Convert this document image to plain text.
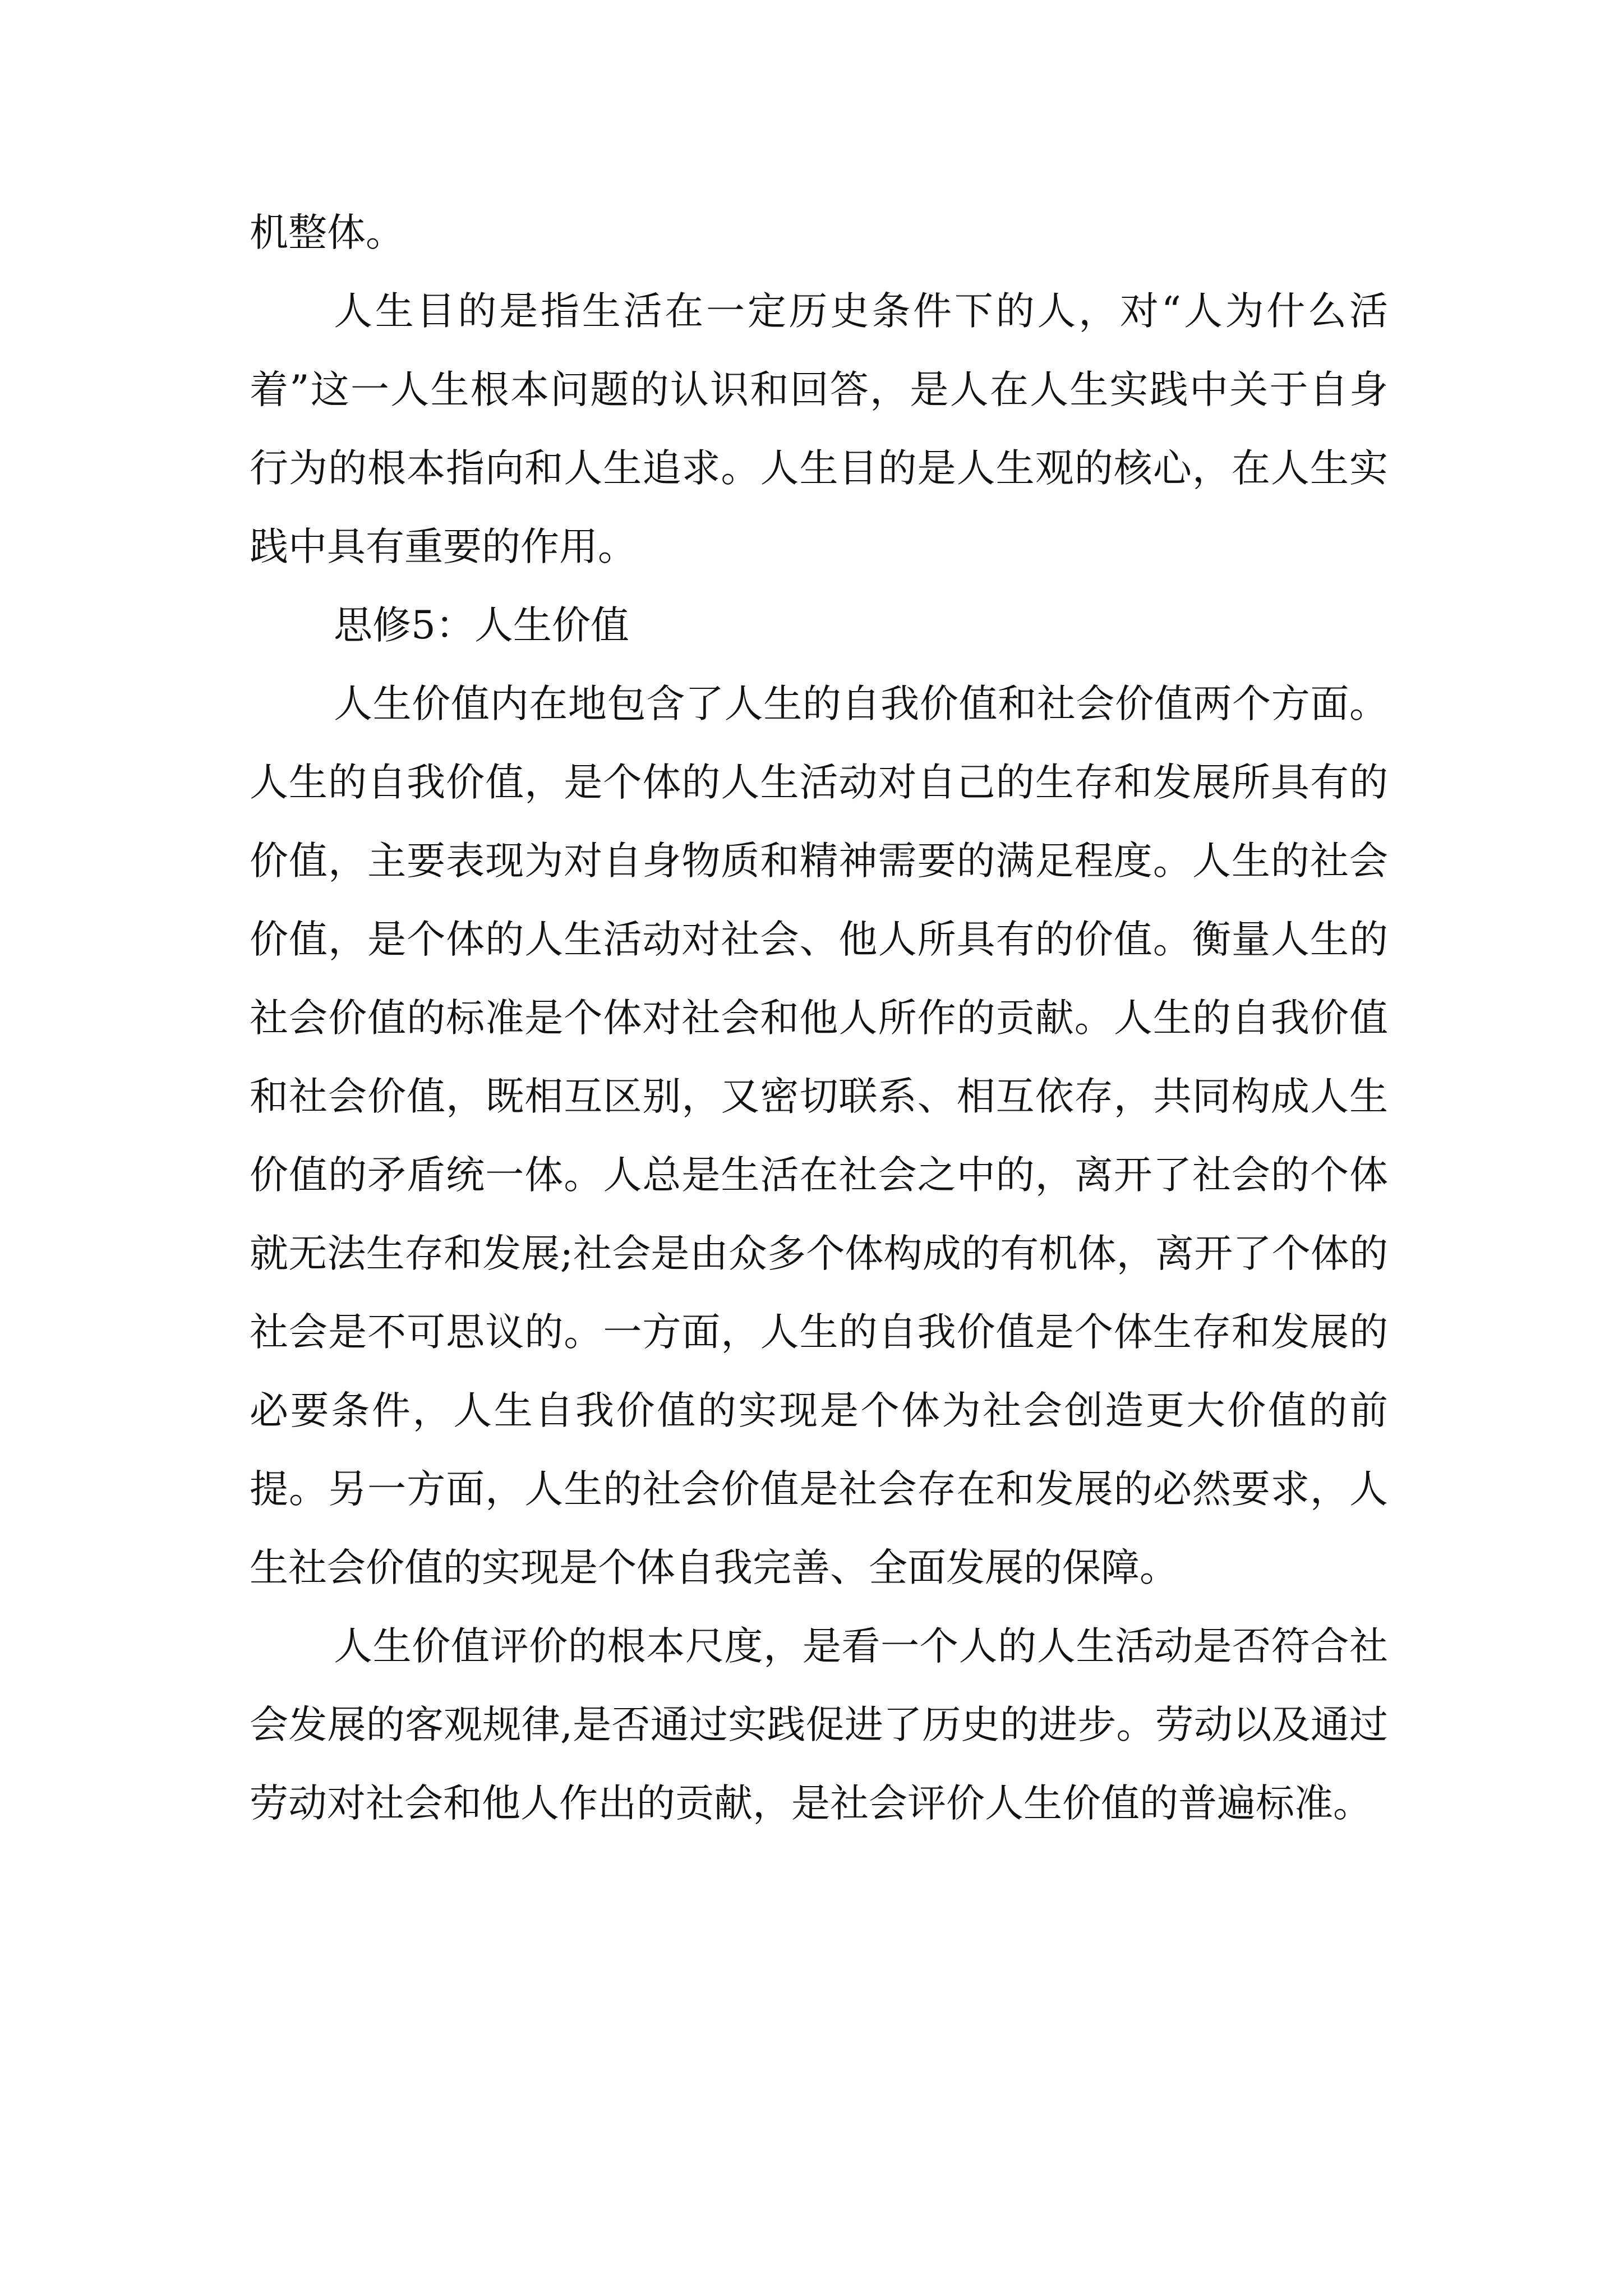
机整体。

人生目的是指生活在一定历史条件下的人，对“人为什么活着”这一人生根本问题的认识和回答，是人在人生实践中关于自身行为的根本指向和人生追求。人生目的是人生观的核心，在人生实践中具有重要的作用。

思修5：人生价值

人生价值内在地包含了人生的自我价值和社会价值两个方面。人生的自我价值，是个体的人生活动对自己的生存和发展所具有的价值，主要表现为对自身物质和精神需要的满足程度。人生的社会价值，是个体的人生活动对社会、他人所具有的价值。衡量人生的社会价值的标准是个体对社会和他人所作的贡献。人生的自我价值和社会价值，既相互区别，又密切联系、相互依存，共同构成人生价值的矛盾统一体。人总是生活在社会之中的，离开了社会的个体就无法生存和发展;社会是由众多个体构成的有机体，离开了个体的社会是不可思议的。一方面，人生的自我价值是个体生存和发展的必要条件，人生自我价值的实现是个体为社会创造更大价值的前提。另一方面，人生的社会价值是社会存在和发展的必然要求，人生社会价值的实现是个体自我完善、全面发展的保障。

人生价值评价的根本尺度，是看一个人的人生活动是否符合社会发展的客观规律,是否通过实践促进了历史的进步。劳动以及通过劳动对社会和他人作出的贡献，是社会评价人生价值的普遍标准。
